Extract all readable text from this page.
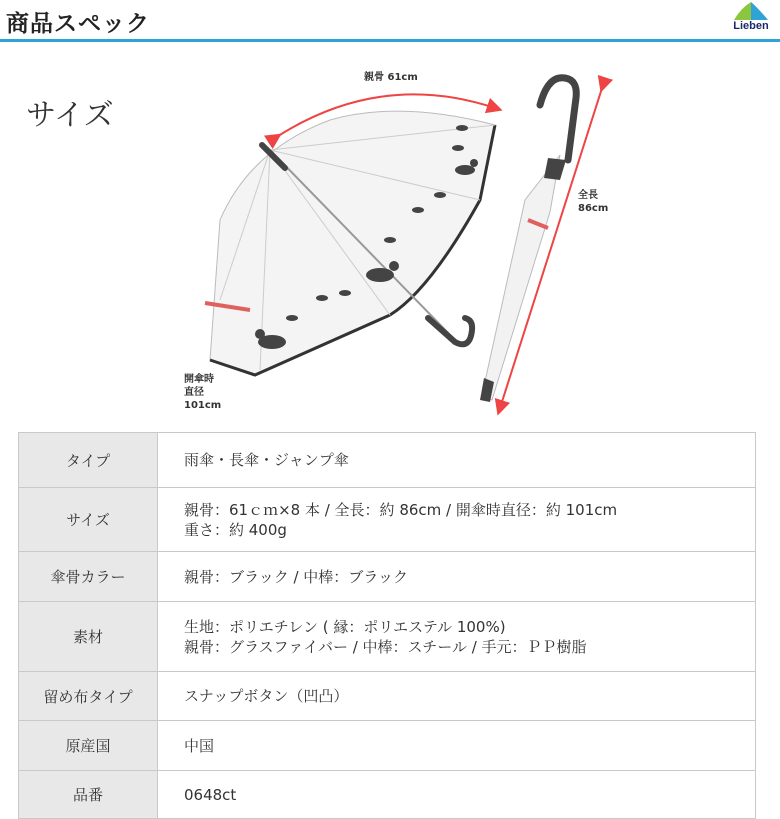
商品スペック	Lieben
サイズ
親骨 61cm
開傘時
直径
101cm
全長
86cm
タイプ	雨傘・長傘・ジャンプ傘

サイズ	親骨：61ｃｍ×8 本 / 全長：約 86cm / 開傘時直径：約 101cm
重さ：約 400g

傘骨カラー	親骨：ブラック / 中棒：ブラック

素材	生地：ポリエチレン ( 縁：ポリエステル 100%)
親骨：グラスファイバー / 中棒：スチール / 手元：ＰＰ樹脂

留め布タイプ	スナップボタン（凹凸）

原産国	中国

品番	0648ct
